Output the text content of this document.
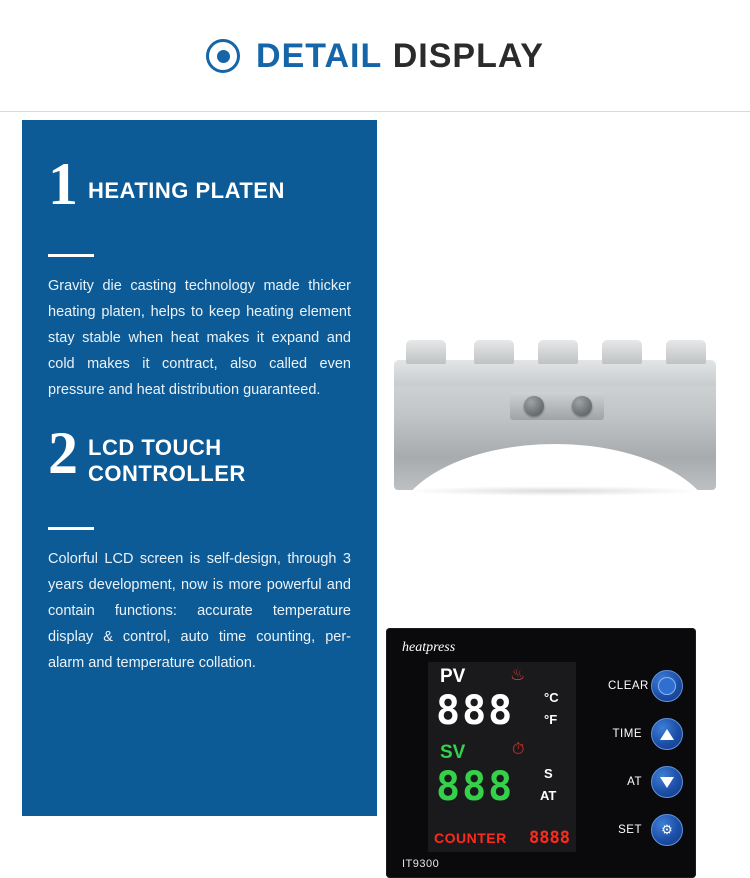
DETAIL DISPLAY
1 HEATING PLATEN
Gravity die casting technology made thicker heating platen, helps to keep heating element stay stable when heat makes it expand and cold makes it contract, also called even pressure and heat distribution guaranteed.
2 LCD TOUCH
CONTROLLER
Colorful LCD screen is self-design, through 3 years development, now is more powerful and contain functions: accurate temperature display & control, auto time counting, per-alarm and temperature collation.
heatpress
IT9300
PV	♨
888 °C
°F
SV	⏱
888 S
AT
COUNTER 8888
CLEAR
TIME
AT
SET ⚙
